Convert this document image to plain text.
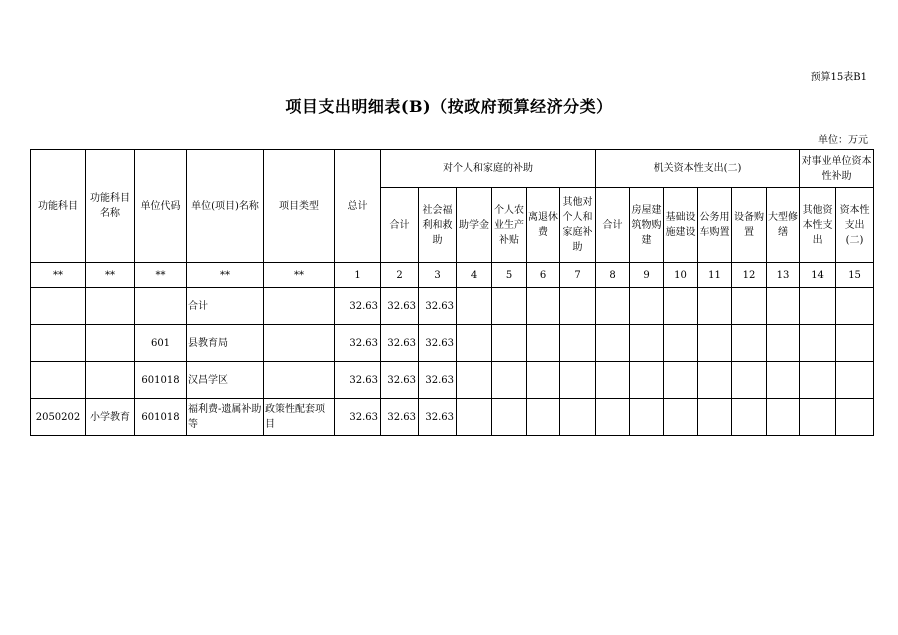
预算15表B1
项目支出明细表(B)（按政府预算经济分类）
单位：万元
功能科目	功能科目名称	单位代码	单位(项目)名称	项目类型	总计	对个人和家庭的补助						机关资本性支出(二)						对事业单位资本性补助	
						合计	社会福利和救助	助学金	个人农业生产补贴	离退休费	其他对个人和家庭补助	合计	房屋建筑物购建	基础设施建设	公务用车购置	设备购置	大型修缮	其他资本性支出	资本性支出(二)
**	**	**	**	**	1	2	3	4	5	6	7	8	9	10	11	12	13	14	15
			合计		32.63	32.63	32.63												
		601	县教育局		32.63	32.63	32.63												
		601018	汉昌学区		32.63	32.63	32.63												
2050202	小学教育	601018	福利费-遗属补助等	政策性配套项目	32.63	32.63	32.63												
